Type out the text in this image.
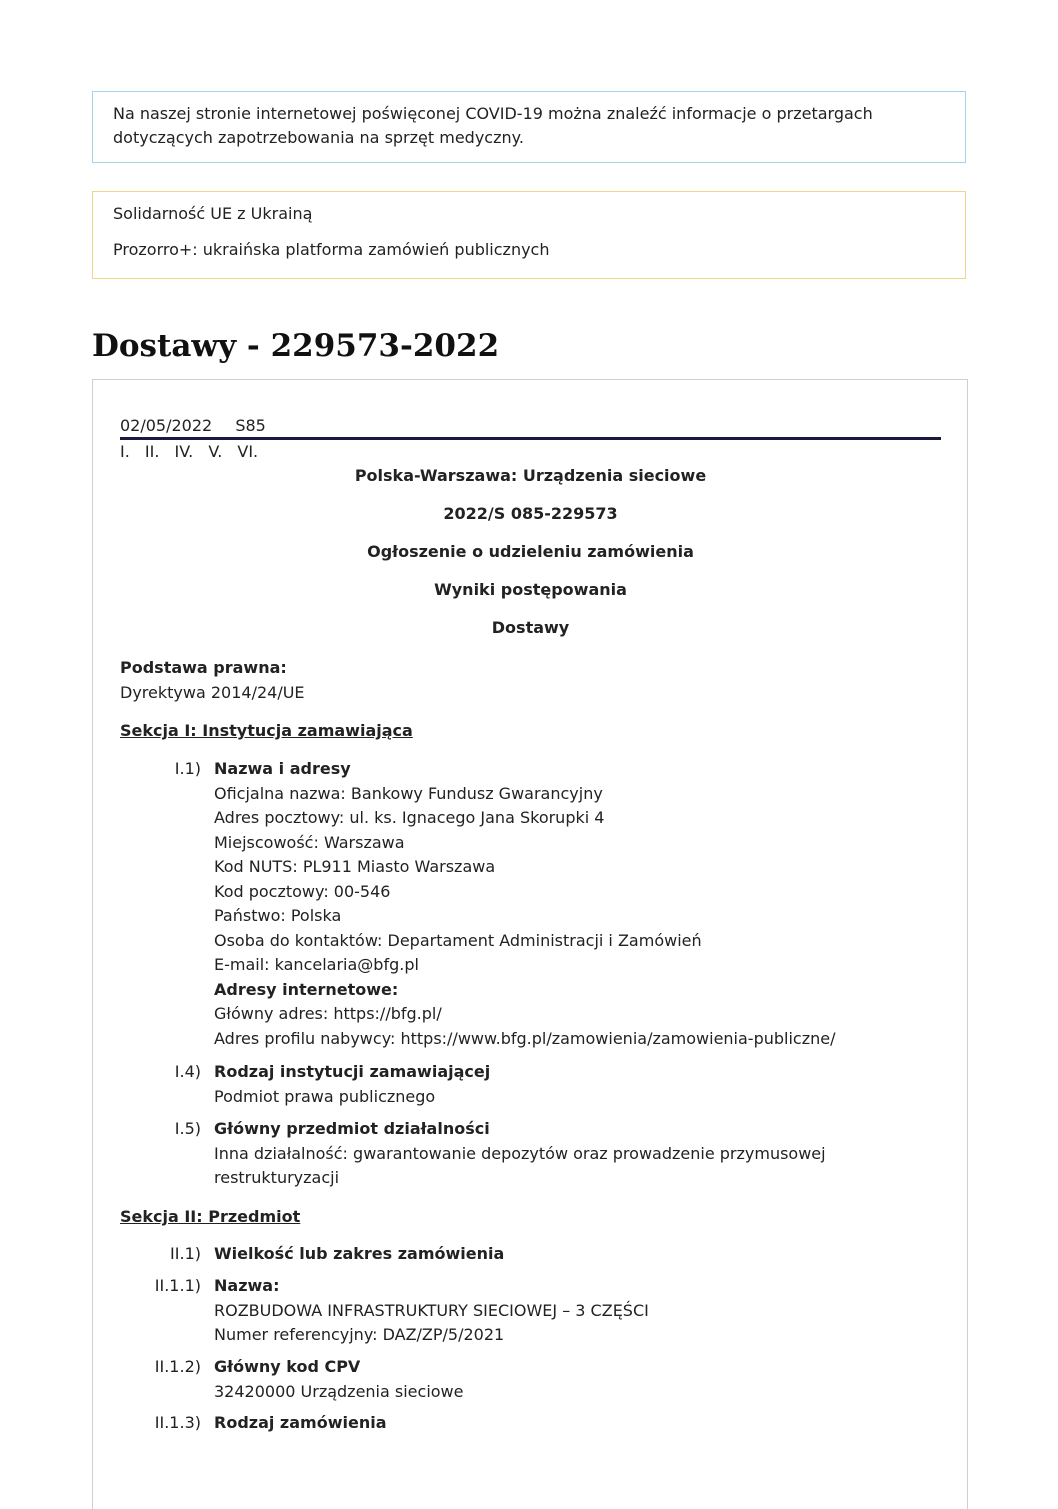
Na naszej stronie internetowej poświęconej COVID-19 można znaleźć informacje o przetargach dotyczących zapotrzebowania na sprzęt medyczny.

Solidarność UE z Ukrainą

Prozorro+: ukraińska platforma zamówień publicznych

Dostawy - 229573-2022
02/05/2022 S85
I. II. IV. V. VI.
Polska-Warszawa: Urządzenia sieciowe
2022/S 085-229573
Ogłoszenie o udzieleniu zamówienia
Wyniki postępowania
Dostawy
Podstawa prawna:
Dyrektywa 2014/24/UE
Sekcja I: Instytucja zamawiająca
I.1) Nazwa i adresy
Oficjalna nazwa: Bankowy Fundusz Gwarancyjny
Adres pocztowy: ul. ks. Ignacego Jana Skorupki 4
Miejscowość: Warszawa
Kod NUTS: PL911 Miasto Warszawa
Kod pocztowy: 00-546
Państwo: Polska
Osoba do kontaktów: Departament Administracji i Zamówień
E-mail: kancelaria@bfg.pl
Adresy internetowe:
Główny adres: https://bfg.pl/
Adres profilu nabywcy: https://www.bfg.pl/zamowienia/zamowienia-publiczne/
I.4) Rodzaj instytucji zamawiającej
Podmiot prawa publicznego
I.5) Główny przedmiot działalności
Inna działalność: gwarantowanie depozytów oraz prowadzenie przymusowej restrukturyzacji
Sekcja II: Przedmiot
II.1) Wielkość lub zakres zamówienia
II.1.1) Nazwa:
ROZBUDOWA INFRASTRUKTURY SIECIOWEJ – 3 CZĘŚCI
Numer referencyjny: DAZ/ZP/5/2021
II.1.2) Główny kod CPV
32420000 Urządzenia sieciowe
II.1.3) Rodzaj zamówienia
